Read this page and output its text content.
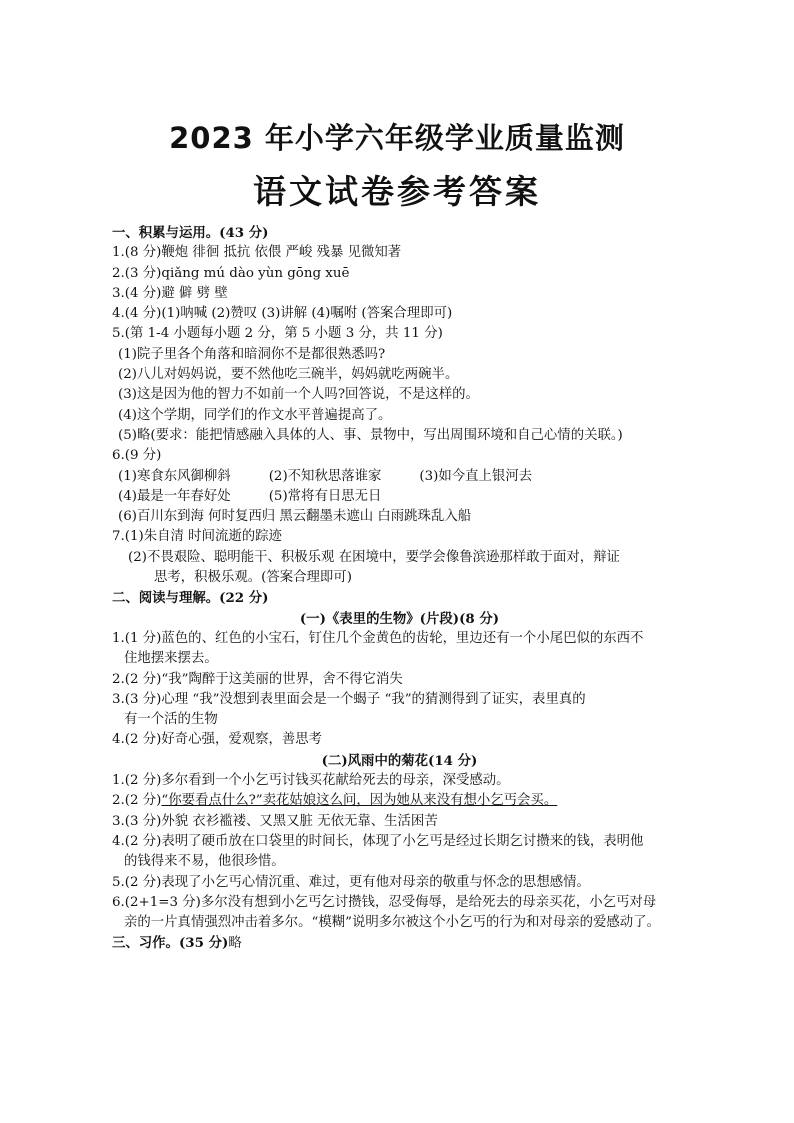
2023 年小学六年级学业质量监测
语文试卷参考答案
一、积累与运用。(43 分)
1.(8 分)鞭炮 徘徊 抵抗 依偎 严峻 残暴 见微知著
2.(3 分)qiǎng mú dào yùn gōng xuē
3.(4 分)避 僻 劈 壁
4.(4 分)(1)呐喊 (2)赞叹 (3)讲解 (4)嘱咐 (答案合理即可)
5.(第 1-4 小题每小题 2 分，第 5 小题 3 分，共 11 分)
(1)院子里各个角落和暗洞你不是都很熟悉吗?
(2)八儿对妈妈说，要不然他吃三碗半，妈妈就吃两碗半。
(3)这是因为他的智力不如前一个人吗?回答说，不是这样的。
(4)这个学期，同学们的作文水平普遍提高了。
(5)略(要求：能把情感融入具体的人、事、景物中，写出周围环境和自己心情的关联。)
6.(9 分)
(1)寒食东风御柳斜	(2)不知秋思落谁家	(3)如今直上银河去
(4)最是一年春好处	(5)常将有日思无日
(6)百川东到海 何时复西归 黑云翻墨未遮山 白雨跳珠乱入船
7.(1)朱自清 时间流逝的踪迹
(2)不畏艰险、聪明能干、积极乐观 在困境中，要学会像鲁滨逊那样敢于面对，辩证
思考，积极乐观。(答案合理即可)
二、阅读与理解。(22 分)
(一)《表里的生物》(片段)(8 分)
1.(1 分)蓝色的、红色的小宝石，钉住几个金黄色的齿轮，里边还有一个小尾巴似的东西不
住地摆来摆去。
2.(2 分)“我”陶醉于这美丽的世界，舍不得它消失
3.(3 分)心理 “我”没想到表里面会是一个蝎子 “我”的猜测得到了证实，表里真的
有一个活的生物
4.(2 分)好奇心强，爱观察，善思考
(二)风雨中的菊花(14 分)
1.(2 分)多尔看到一个小乞丐讨钱买花献给死去的母亲，深受感动。
2.(2 分)“你要看点什么?”卖花姑娘这么问，因为她从来没有想小乞丐会买。
3.(3 分)外貌 衣衫褴褛、又黑又脏 无依无靠、生活困苦
4.(2 分)表明了硬币放在口袋里的时间长，体现了小乞丐是经过长期乞讨攒来的钱，表明他
的钱得来不易，他很珍惜。
5.(2 分)表现了小乞丐心情沉重、难过，更有他对母亲的敬重与怀念的思想感情。
6.(2+1=3 分)多尔没有想到小乞丐乞讨攒钱，忍受侮辱，是给死去的母亲买花，小乞丐对母
亲的一片真情强烈冲击着多尔。“模糊”说明多尔被这个小乞丐的行为和对母亲的爱感动了。
三、习作。(35 分)略
